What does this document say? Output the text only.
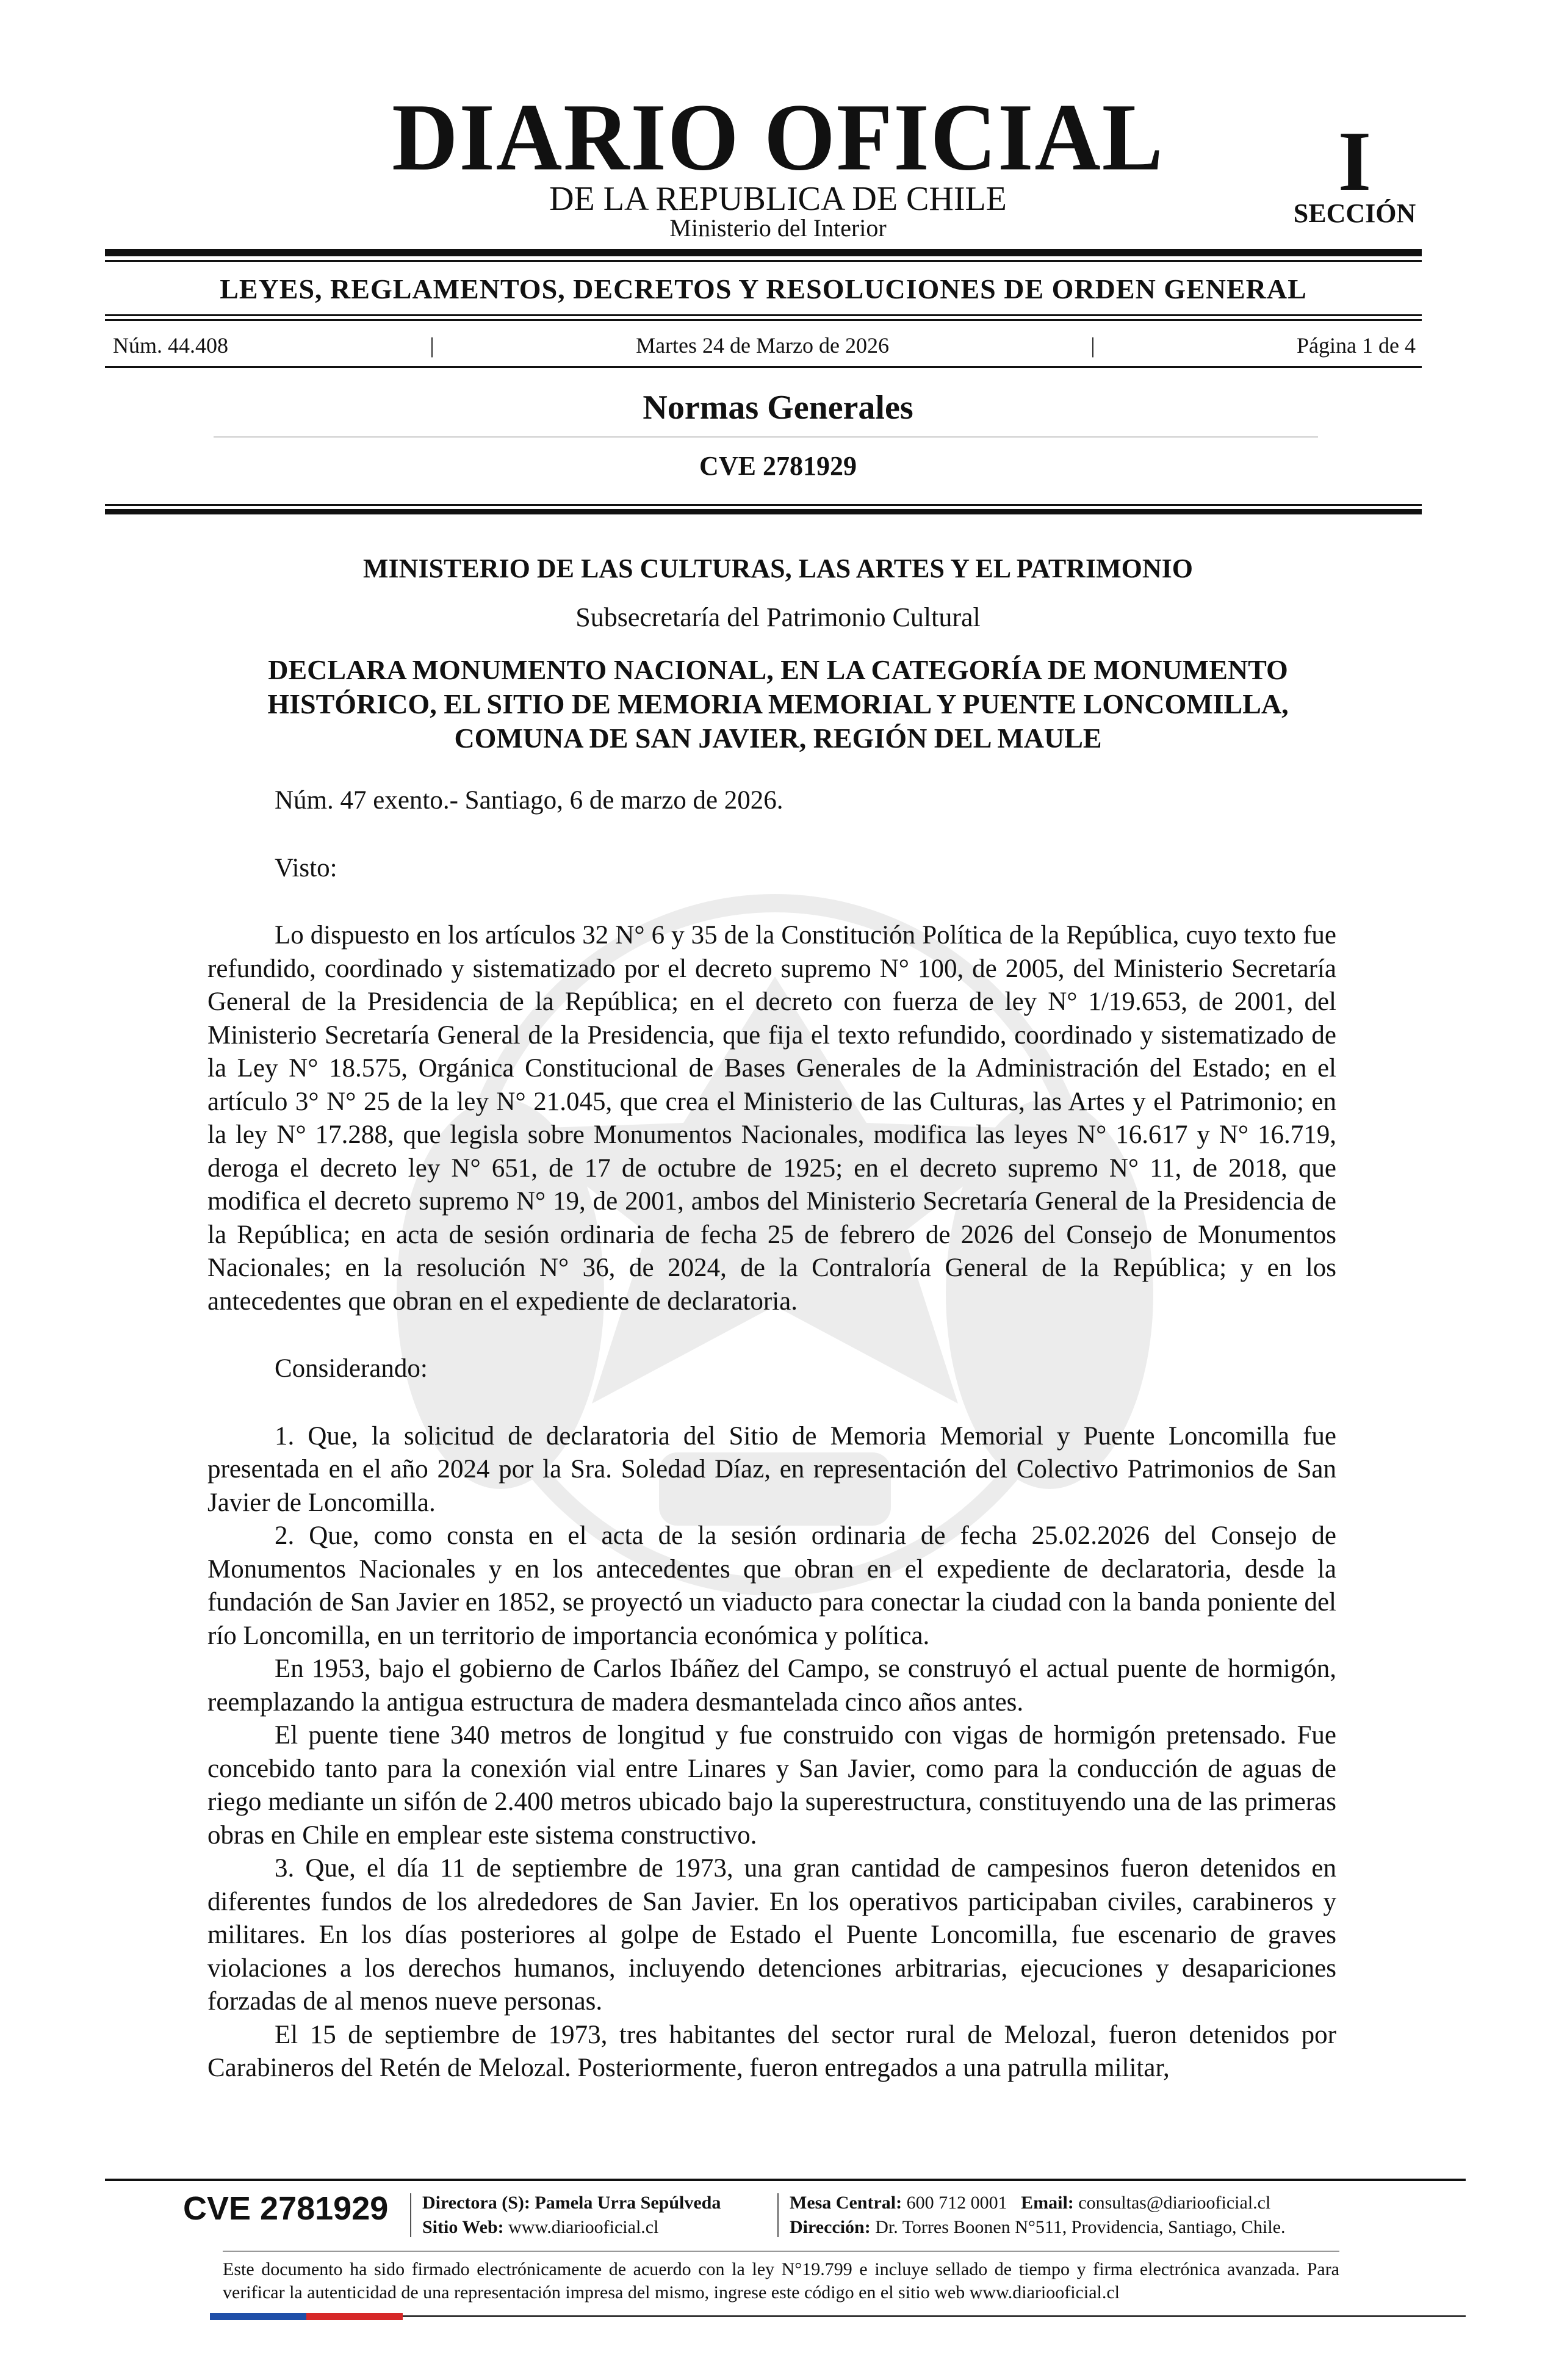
DIARIO OFICIAL
DE LA REPUBLICA DE CHILE
Ministerio del Interior
I
SECCIÓN
LEYES, REGLAMENTOS, DECRETOS Y RESOLUCIONES DE ORDEN GENERAL
Núm. 44.408	|	Martes 24 de Marzo de 2026	|	Página 1 de 4
Normas Generales
CVE 2781929
MINISTERIO DE LAS CULTURAS, LAS ARTES Y EL PATRIMONIO
Subsecretaría del Patrimonio Cultural
DECLARA MONUMENTO NACIONAL, EN LA CATEGORÍA DE MONUMENTO
HISTÓRICO, EL SITIO DE MEMORIA MEMORIAL Y PUENTE LONCOMILLA,
COMUNA DE SAN JAVIER, REGIÓN DEL MAULE

Núm. 47 exento.- Santiago, 6 de marzo de 2026.

Visto:

Lo dispuesto en los artículos 32 N° 6 y 35 de la Constitución Política de la República, cuyo texto fue refundido, coordinado y sistematizado por el decreto supremo N° 100, de 2005, del Ministerio Secretaría General de la Presidencia de la República; en el decreto con fuerza de ley N° 1/19.653, de 2001, del Ministerio Secretaría General de la Presidencia, que fija el texto refundido, coordinado y sistematizado de la Ley N° 18.575, Orgánica Constitucional de Bases Generales de la Administración del Estado; en el artículo 3° N° 25 de la ley N° 21.045, que crea el Ministerio de las Culturas, las Artes y el Patrimonio; en la ley N° 17.288, que legisla sobre Monumentos Nacionales, modifica las leyes N° 16.617 y N° 16.719, deroga el decreto ley N° 651, de 17 de octubre de 1925; en el decreto supremo N° 11, de 2018, que modifica el decreto supremo N° 19, de 2001, ambos del Ministerio Secretaría General de la Presidencia de la República; en acta de sesión ordinaria de fecha 25 de febrero de 2026 del Consejo de Monumentos Nacionales; en la resolución N° 36, de 2024, de la Contraloría General de la República; y en los antecedentes que obran en el expediente de declaratoria.

Considerando:

1. Que, la solicitud de declaratoria del Sitio de Memoria Memorial y Puente Loncomilla fue presentada en el año 2024 por la Sra. Soledad Díaz, en representación del Colectivo Patrimonios de San Javier de Loncomilla.

2. Que, como consta en el acta de la sesión ordinaria de fecha 25.02.2026 del Consejo de Monumentos Nacionales y en los antecedentes que obran en el expediente de declaratoria, desde la fundación de San Javier en 1852, se proyectó un viaducto para conectar la ciudad con la banda poniente del río Loncomilla, en un territorio de importancia económica y política.

En 1953, bajo el gobierno de Carlos Ibáñez del Campo, se construyó el actual puente de hormigón, reemplazando la antigua estructura de madera desmantelada cinco años antes.

El puente tiene 340 metros de longitud y fue construido con vigas de hormigón pretensado. Fue concebido tanto para la conexión vial entre Linares y San Javier, como para la conducción de aguas de riego mediante un sifón de 2.400 metros ubicado bajo la superestructura, constituyendo una de las primeras obras en Chile en emplear este sistema constructivo.

3. Que, el día 11 de septiembre de 1973, una gran cantidad de campesinos fueron detenidos en diferentes fundos de los alrededores de San Javier. En los operativos participaban civiles, carabineros y militares. En los días posteriores al golpe de Estado el Puente Loncomilla, fue escenario de graves violaciones a los derechos humanos, incluyendo detenciones arbitrarias, ejecuciones y desapariciones forzadas de al menos nueve personas.

El 15 de septiembre de 1973, tres habitantes del sector rural de Melozal, fueron detenidos por Carabineros del Retén de Melozal. Posteriormente, fueron entregados a una patrulla militar,

CVE 2781929 Directora (S): Pamela Urra Sepúlveda
Sitio Web: www.diariooficial.cl
Mesa Central: 600 712 0001 Email: consultas@diariooficial.cl
Dirección: Dr. Torres Boonen N°511, Providencia, Santiago, Chile.
Este documento ha sido firmado electrónicamente de acuerdo con la ley N°19.799 e incluye sellado de tiempo y firma electrónica avanzada. Para verificar la autenticidad de una representación impresa del mismo, ingrese este código en el sitio web www.diariooficial.cl
